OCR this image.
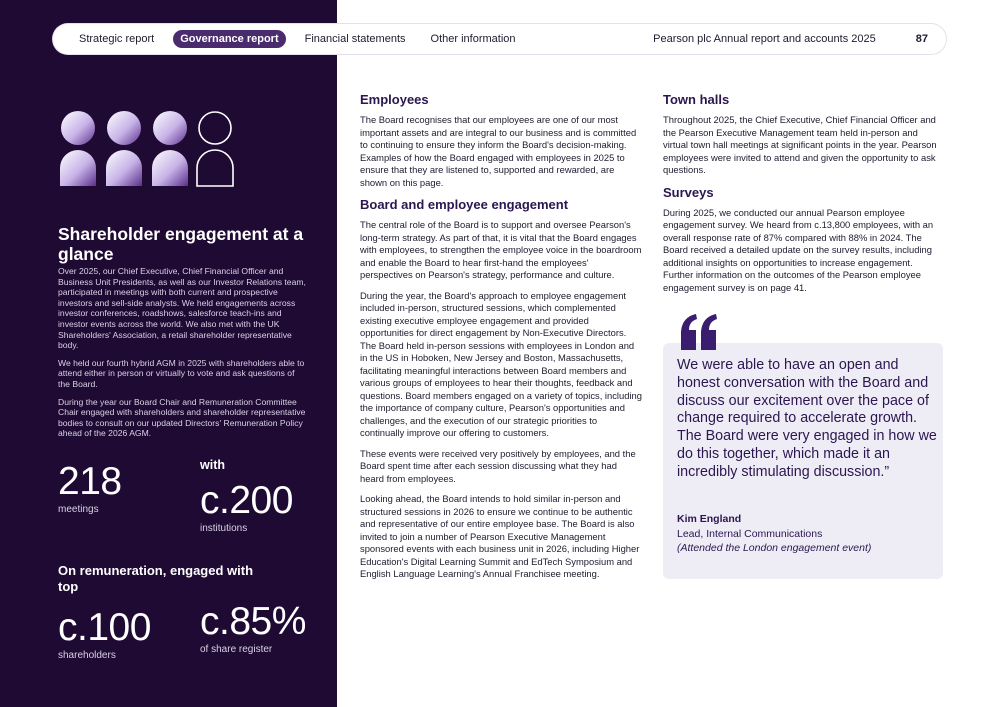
Strategic report	Governance report	Financial statements	Other information	Pearson plc Annual report and accounts 2025	87
Shareholder engagement at a glance

Over 2025, our Chief Executive, Chief Financial Officer and Business Unit Presidents, as well as our Investor Relations team, participated in meetings with both current and prospective investors and sell-side analysts. We held engagements across investor conferences, roadshows, salesforce teach-ins and investor events across the world. We also met with the UK Shareholders' Association, a retail shareholder representative body.

We held our fourth hybrid AGM in 2025 with shareholders able to attend either in person or virtually to vote and ask questions of the Board.

During the year our Board Chair and Remuneration Committee Chair engaged with shareholders and shareholder representative bodies to consult on our updated Directors' Remuneration Policy ahead of the 2026 AGM.

218
meetings
with
c.200
institutions
On remuneration, engaged with top
c.100
shareholders
c.85%
of share register
Employees

The Board recognises that our employees are one of our most important assets and are integral to our business and is committed to continuing to ensure they inform the Board's decision-making. Examples of how the Board engaged with employees in 2025 to ensure that they are listened to, supported and rewarded, are shown on this page.

Board and employee engagement

The central role of the Board is to support and oversee Pearson's long-term strategy. As part of that, it is vital that the Board engages with employees, to strengthen the employee voice in the boardroom and enable the Board to hear first-hand the employees' perspectives on Pearson's strategy, performance and culture.

During the year, the Board's approach to employee engagement included in-person, structured sessions, which complemented existing executive employee engagement and provided opportunities for direct engagement by Non-Executive Directors. The Board held in-person sessions with employees in London and in the US in Hoboken, New Jersey and Boston, Massachusetts, facilitating meaningful interactions between Board members and various groups of employees to hear their thoughts, feedback and questions. Board members engaged on a variety of topics, including the importance of company culture, Pearson's opportunities and challenges, and the execution of our strategic priorities to continually improve our offering to customers.

These events were received very positively by employees, and the Board spent time after each session discussing what they had heard from employees.

Looking ahead, the Board intends to hold similar in-person and structured sessions in 2026 to ensure we continue to be authentic and representative of our entire employee base. The Board is also invited to join a number of Pearson Executive Management sponsored events with each business unit in 2026, including Higher Education's Digital Learning Summit and EdTech Symposium and English Language Learning's Annual Franchisee meeting.

Town halls

Throughout 2025, the Chief Executive, Chief Financial Officer and the Pearson Executive Management team held in-person and virtual town hall meetings at significant points in the year. Pearson employees were invited to attend and given the opportunity to ask questions.

Surveys

During 2025, we conducted our annual Pearson employee engagement survey. We heard from c.13,800 employees, with an overall response rate of 87% compared with 88% in 2024. The Board received a detailed update on the survey results, including additional insights on opportunities to increase engagement. Further information on the outcomes of the Pearson employee engagement survey is on page 41.

We were able to have an open and honest conversation with the Board and discuss our excitement over the pace of change required to accelerate growth. The Board were very engaged in how we do this together, which made it an incredibly stimulating discussion.”
Kim England
Lead, Internal Communications
(Attended the London engagement event)
